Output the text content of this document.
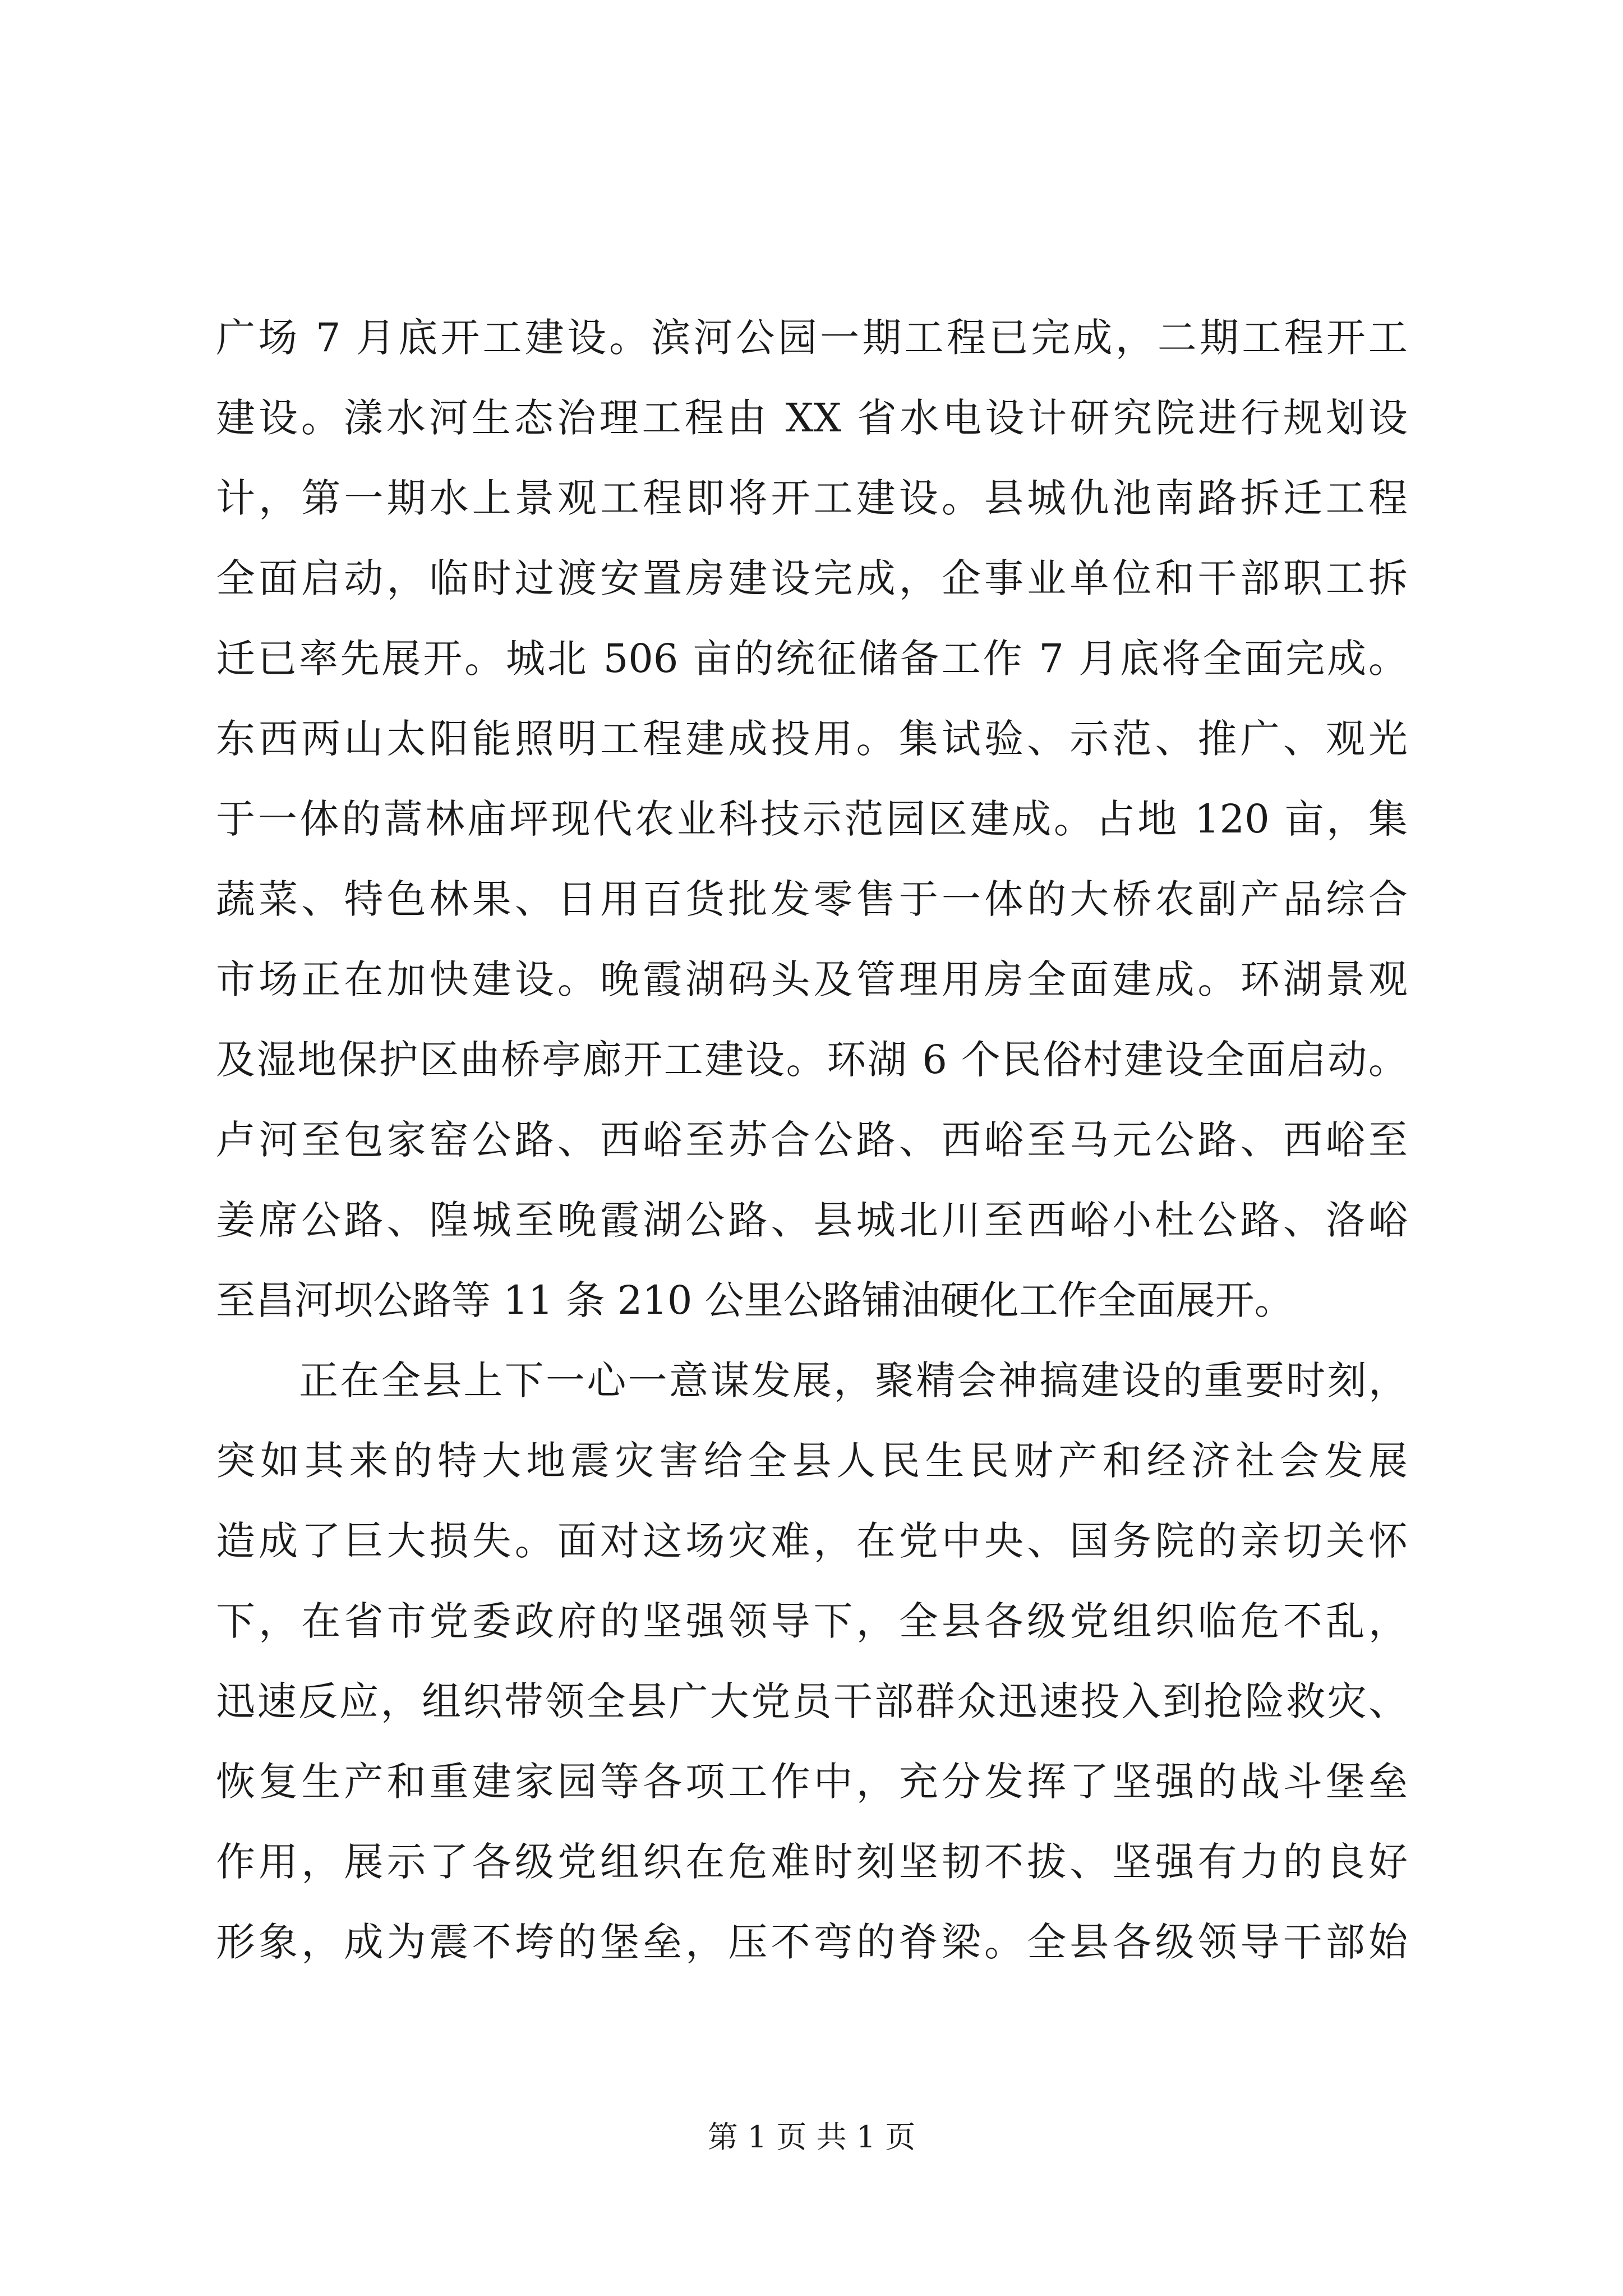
广场 7 月底开工建设。滨河公园一期工程已完成，二期工程开工
建设。漾水河生态治理工程由 XX 省水电设计研究院进行规划设
计，第一期水上景观工程即将开工建设。县城仇池南路拆迁工程
全面启动，临时过渡安置房建设完成，企事业单位和干部职工拆
迁已率先展开。城北 506 亩的统征储备工作 7 月底将全面完成。
东西两山太阳能照明工程建成投用。集试验、示范、推广、观光
于一体的蒿林庙坪现代农业科技示范园区建成。占地 120 亩，集
蔬菜、特色林果、日用百货批发零售于一体的大桥农副产品综合
市场正在加快建设。晚霞湖码头及管理用房全面建成。环湖景观
及湿地保护区曲桥亭廊开工建设。环湖 6 个民俗村建设全面启动。
卢河至包家窑公路、西峪至苏合公路、西峪至马元公路、西峪至
姜席公路、隍城至晚霞湖公路、县城北川至西峪小杜公路、洛峪
至昌河坝公路等 11 条 210 公里公路铺油硬化工作全面展开。
正在全县上下一心一意谋发展，聚精会神搞建设的重要时刻，
突如其来的特大地震灾害给全县人民生民财产和经济社会发展
造成了巨大损失。面对这场灾难，在党中央、国务院的亲切关怀
下，在省市党委政府的坚强领导下，全县各级党组织临危不乱，
迅速反应，组织带领全县广大党员干部群众迅速投入到抢险救灾、
恢复生产和重建家园等各项工作中，充分发挥了坚强的战斗堡垒
作用，展示了各级党组织在危难时刻坚韧不拔、坚强有力的良好
形象，成为震不垮的堡垒，压不弯的脊梁。全县各级领导干部始
第 1 页 共 1 页
